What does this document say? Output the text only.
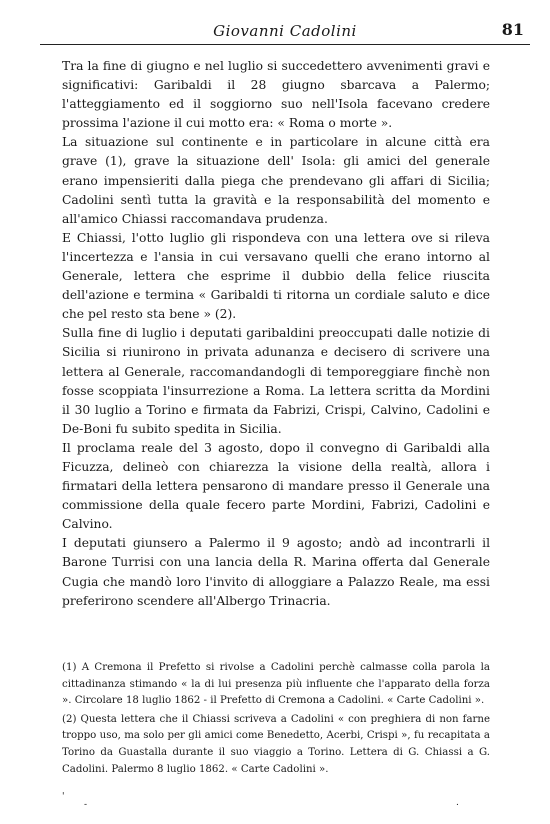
Giovanni Cadolini	81

Tra la fine di giugno e nel luglio si succedettero avvenimenti gravi e significativi: Garibaldi il 28 giugno sbarcava a Palermo; l'atteggiamento ed il soggiorno suo nell'Isola facevano credere prossima l'azione il cui motto era: « Roma o morte ».

La situazione sul continente e in particolare in alcune città era grave (1), grave la situazione dell' Isola: gli amici del generale erano impensieriti dalla piega che prendevano gli affari di Sicilia; Cadolini sentì tutta la gravità e la responsabilità del momento e all'amico Chiassi raccomandava prudenza.

E Chiassi, l'otto luglio gli rispondeva con una lettera ove si rileva l'incertezza e l'ansia in cui versavano quelli che erano intorno al Generale, lettera che esprime il dubbio della felice riuscita dell'azione e termina « Garibaldi ti ritorna un cordiale saluto e dice che pel resto sta bene » (2).

Sulla fine di luglio i deputati garibaldini preoccupati dalle notizie di Sicilia si riunirono in privata adunanza e decisero di scrivere una lettera al Generale, raccomandandogli di temporeggiare finchè non fosse scoppiata l'insurrezione a Roma. La lettera scritta da Mordini il 30 luglio a Torino e firmata da Fabrizi, Crispi, Calvino, Cadolini e De-Boni fu subito spedita in Sicilia.

Il proclama reale del 3 agosto, dopo il convegno di Garibaldi alla Ficuzza, delineò con chiarezza la visione della realtà, allora i firmatari della lettera pensarono di mandare presso il Generale una commissione della quale fecero parte Mordini, Fabrizi, Cadolini e Calvino.

I deputati giunsero a Palermo il 9 agosto; andò ad incontrarli il Barone Turrisi con una lancia della R. Marina offerta dal Generale Cugia che mandò loro l'invito di alloggiare a Palazzo Reale, ma essi preferirono scendere all'Albergo Trinacria.

(1) A Cremona il Prefetto si rivolse a Cadolini perchè calmasse colla parola la cittadinanza stimando « la di lui presenza più influente che l'apparato della forza ». Circolare 18 luglio 1862 - il Prefetto di Cremona a Cadolini. « Carte Cadolini ».

(2) Questa lettera che il Chiassi scriveva a Cadolini « con preghiera di non farne troppo uso, ma solo per gli amici come Benedetto, Acerbi, Crispi », fu recapitata a Torino da Guastalla durante il suo viaggio a Torino. Lettera di G. Chiassi a G. Cadolini. Palermo 8 luglio 1862. « Carte Cadolini ».

'
-	.
